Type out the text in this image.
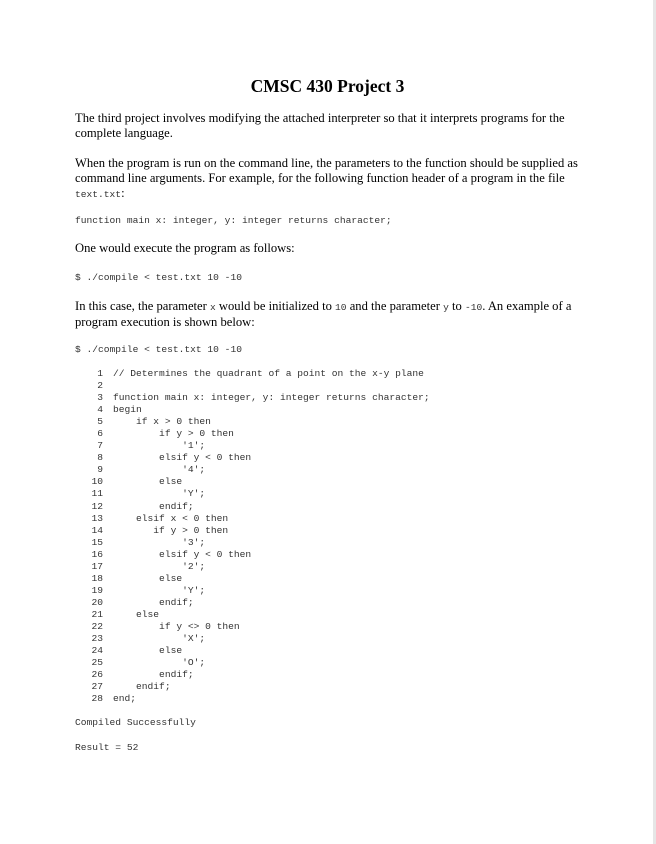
CMSC 430 Project 3
The third project involves modifying the attached interpreter so that it interprets programs for the complete language.
When the program is run on the command line, the parameters to the function should be supplied as command line arguments. For example, for the following function header of a program in the file text.txt:
function main x: integer, y: integer returns character;
One would execute the program as follows:
$ ./compile < test.txt 10 -10
In this case, the parameter x would be initialized to 10 and the parameter y to -10. An example of a program execution is shown below:
$ ./compile < test.txt 10 -10
1 // Determines the quadrant of a point on the x-y plane
2
3 function main x: integer, y: integer returns character;
4 begin
5 if x > 0 then
6 if y > 0 then
7 '1';
8 elsif y < 0 then
9 '4';
10 else
11 'Y';
12 endif;
13 elsif x < 0 then
14 if y > 0 then
15 '3';
16 elsif y < 0 then
17 '2';
18 else
19 'Y';
20 endif;
21 else
22 if y <> 0 then
23 'X';
24 else
25 'O';
26 endif;
27 endif;
28 end;
Compiled Successfully
Result = 52
